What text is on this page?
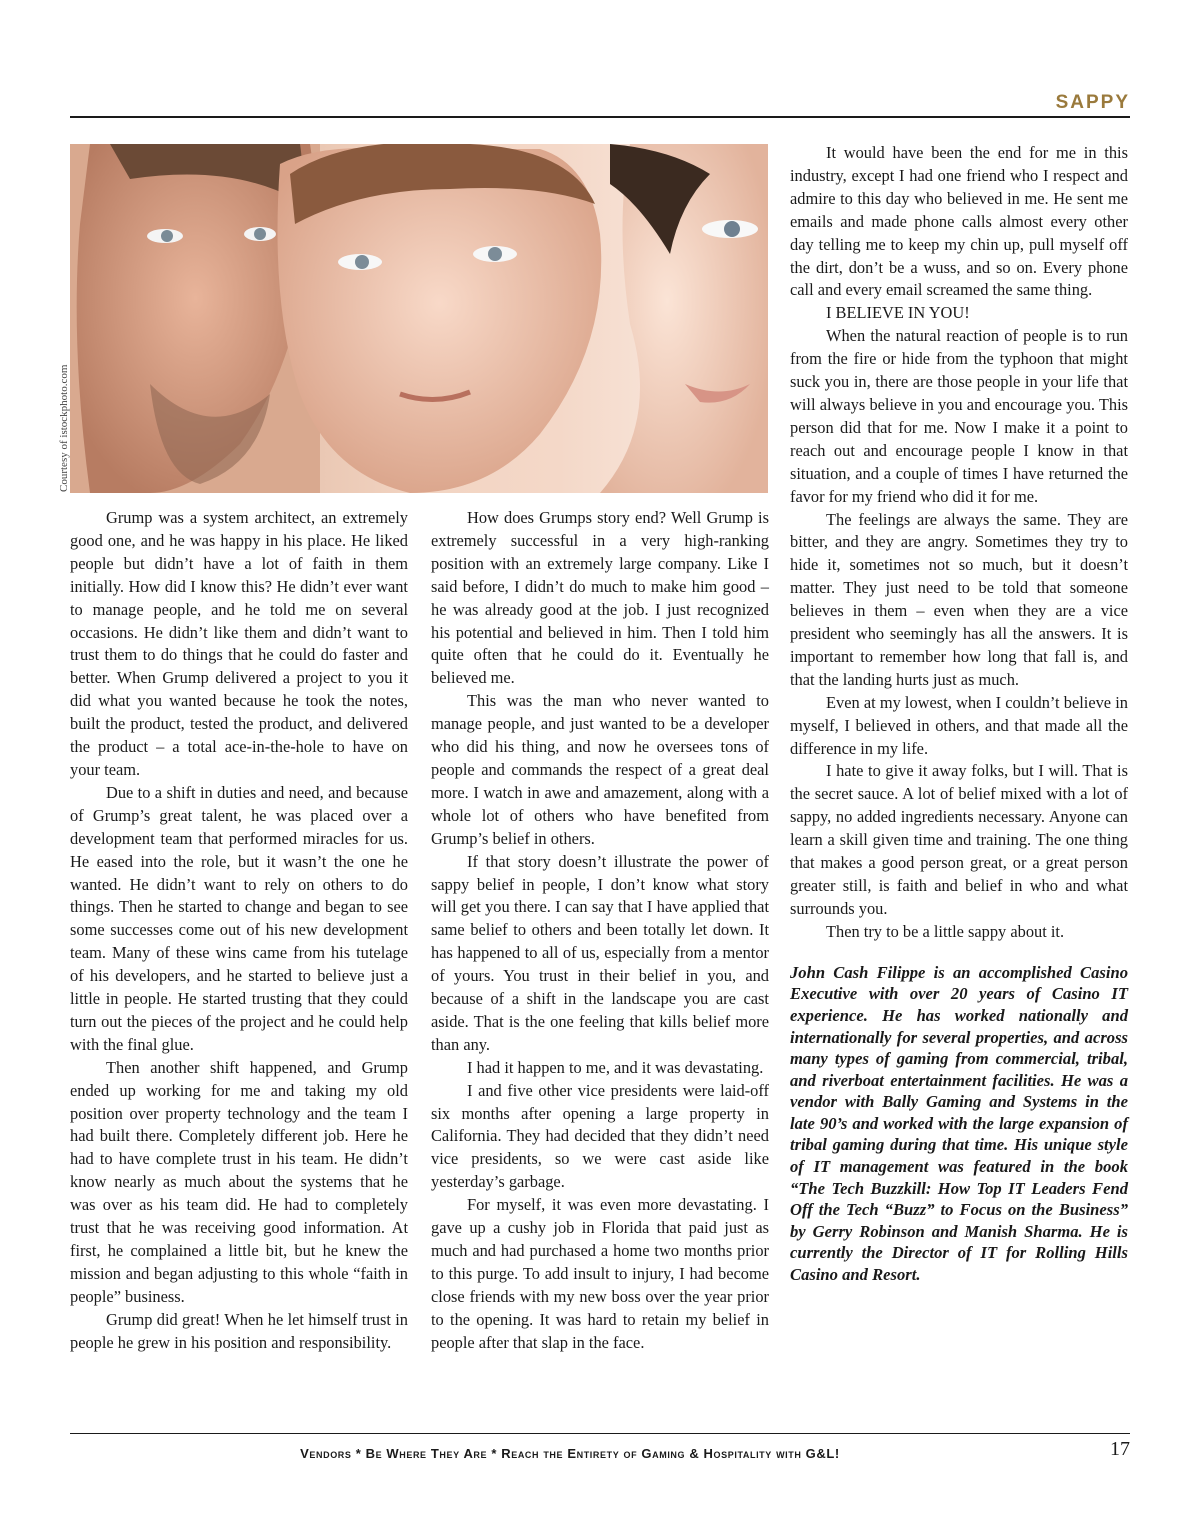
SAPPY
Courtesy of istockphoto.com

Grump was a system architect, an extremely good one, and he was happy in his place. He liked people but didn’t have a lot of faith in them initially. How did I know this? He didn’t ever want to manage people, and he told me on several occasions. He didn’t like them and didn’t want to trust them to do things that he could do faster and better. When Grump delivered a project to you it did what you wanted because he took the notes, built the product, tested the product, and delivered the product – a total ace-in-the-hole to have on your team.

Due to a shift in duties and need, and because of Grump’s great talent, he was placed over a development team that performed miracles for us. He eased into the role, but it wasn’t the one he wanted. He didn’t want to rely on others to do things. Then he started to change and began to see some successes come out of his new development team. Many of these wins came from his tutelage of his developers, and he started to believe just a little in people. He started trusting that they could turn out the pieces of the project and he could help with the final glue.

Then another shift happened, and Grump ended up working for me and taking my old position over property technology and the team I had built there. Completely different job. Here he had to have complete trust in his team. He didn’t know nearly as much about the systems that he was over as his team did. He had to completely trust that he was receiving good information. At first, he complained a little bit, but he knew the mission and began adjusting to this whole “faith in people” business.

Grump did great! When he let himself trust in people he grew in his position and responsibility.

How does Grumps story end? Well Grump is extremely successful in a very high-ranking position with an extremely large company. Like I said before, I didn’t do much to make him good – he was already good at the job. I just recognized his potential and believed in him. Then I told him quite often that he could do it. Eventually he believed me.

This was the man who never wanted to manage people, and just wanted to be a developer who did his thing, and now he oversees tons of people and commands the respect of a great deal more. I watch in awe and amazement, along with a whole lot of others who have benefited from Grump’s belief in others.

If that story doesn’t illustrate the power of sappy belief in people, I don’t know what story will get you there. I can say that I have applied that same belief to others and been totally let down. It has happened to all of us, especially from a mentor of yours. You trust in their belief in you, and because of a shift in the landscape you are cast aside. That is the one feeling that kills belief more than any.

I had it happen to me, and it was devastating.

I and five other vice presidents were laid-off six months after opening a large property in California. They had decided that they didn’t need vice presidents, so we were cast aside like yesterday’s garbage.

For myself, it was even more devastating. I gave up a cushy job in Florida that paid just as much and had purchased a home two months prior to this purge. To add insult to injury, I had become close friends with my new boss over the year prior to the opening. It was hard to retain my belief in people after that slap in the face.

It would have been the end for me in this industry, except I had one friend who I respect and admire to this day who believed in me. He sent me emails and made phone calls almost every other day telling me to keep my chin up, pull myself off the dirt, don’t be a wuss, and so on. Every phone call and every email screamed the same thing.

I BELIEVE IN YOU!

When the natural reaction of people is to run from the fire or hide from the typhoon that might suck you in, there are those people in your life that will always believe in you and encourage you. This person did that for me. Now I make it a point to reach out and encourage people I know in that situation, and a couple of times I have returned the favor for my friend who did it for me.

The feelings are always the same. They are bitter, and they are angry. Sometimes they try to hide it, sometimes not so much, but it doesn’t matter. They just need to be told that someone believes in them – even when they are a vice president who seemingly has all the answers. It is important to remember how long that fall is, and that the landing hurts just as much.

Even at my lowest, when I couldn’t believe in myself, I believed in others, and that made all the difference in my life.

I hate to give it away folks, but I will. That is the secret sauce. A lot of belief mixed with a lot of sappy, no added ingredients necessary. Anyone can learn a skill given time and training. The one thing that makes a good person great, or a great person greater still, is faith and belief in who and what surrounds you.

Then try to be a little sappy about it.

John Cash Filippe is an accomplished Casino Executive with over 20 years of Casino IT experience. He has worked nationally and internationally for several properties, and across many types of gaming from commercial, tribal, and riverboat entertainment facilities. He was a vendor with Bally Gaming and Systems in the late 90’s and worked with the large expansion of tribal gaming during that time. His unique style of IT management was featured in the book “The Tech Buzzkill: How Top IT Leaders Fend Off the Tech “Buzz” to Focus on the Business” by Gerry Robinson and Manish Sharma. He is currently the Director of IT for Rolling Hills Casino and Resort.

Vendors * Be Where They Are * Reach the Entirety of Gaming & Hospitality with G&L!	17
